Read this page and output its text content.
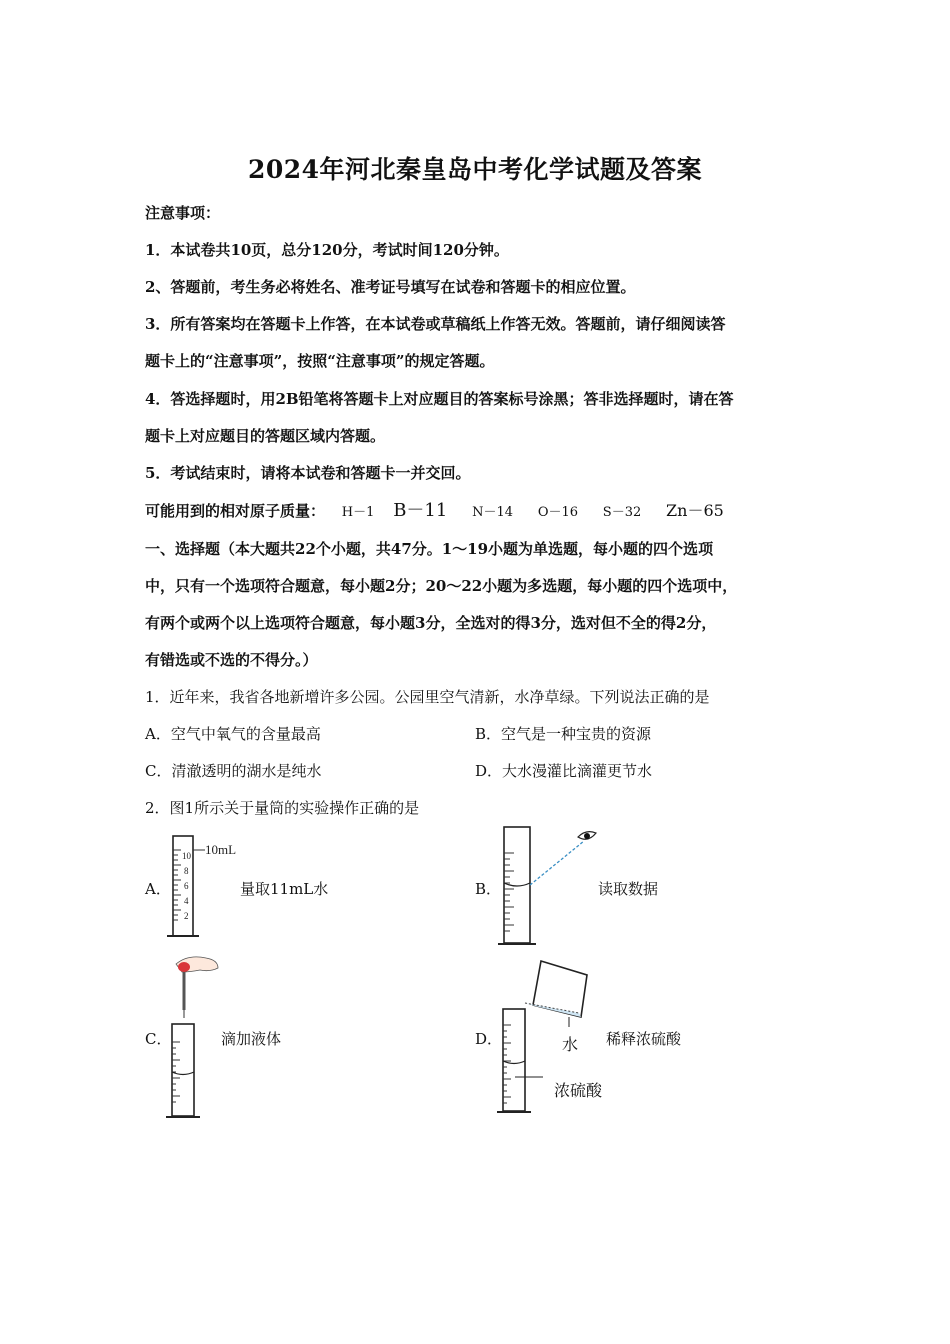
2024年河北秦皇岛中考化学试题及答案
注意事项：
1．本试卷共10页，总分120分，考试时间120分钟。
2、答题前，考生务必将姓名、准考证号填写在试卷和答题卡的相应位置。
3．所有答案均在答题卡上作答，在本试卷或草稿纸上作答无效。答题前，请仔细阅读答
题卡上的“注意事项”，按照“注意事项”的规定答题。
4．答选择题时，用2B铅笔将答题卡上对应题目的答案标号涂黑；答非选择题时，请在答
题卡上对应题目的答题区域内答题。
5．考试结束时，请将本试卷和答题卡一并交回。
可能用到的相对原子质量： H－1 B－11 N－14 O－16 S－32 Zn－65
一、选择题（本大题共22个小题，共47分。1～19小题为单选题，每小题的四个选项
中，只有一个选项符合题意，每小题2分；20～22小题为多选题，每小题的四个选项中，
有两个或两个以上选项符合题意，每小题3分，全选对的得3分，选对但不全的得2分，
有错选或不选的不得分。）
1．近年来，我省各地新增许多公园。公园里空气清新，水净草绿。下列说法正确的是
A．空气中氧气的含量最高	B．空气是一种宝贵的资源
C．清澈透明的湖水是纯水	D．大水漫灌比滴灌更节水
2．图1所示关于量筒的实验操作正确的是
A．
10
8
6
4
2
10mL
量取11mL水	B．	读取数据
C．	滴加液体	D．	水 稀释浓硫酸
浓硫酸
